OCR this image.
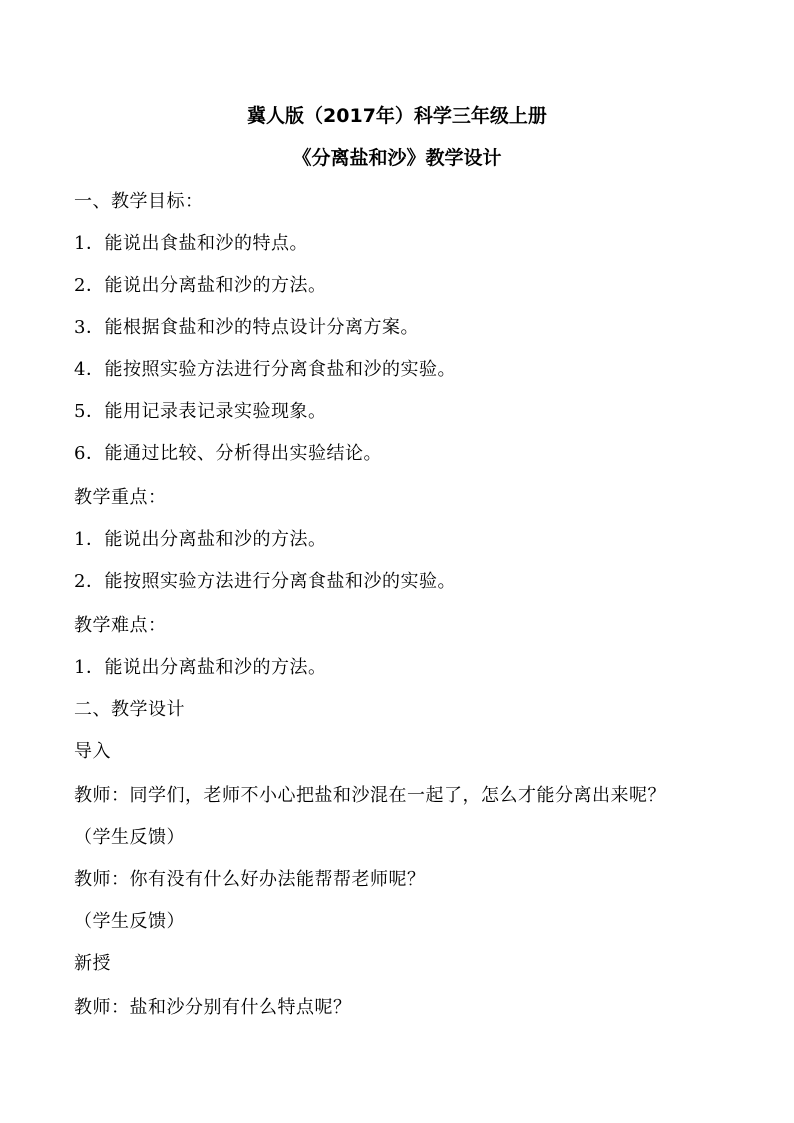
冀人版（2017年）科学三年级上册
《分离盐和沙》教学设计
一、教学目标：
1．能说出食盐和沙的特点。
2．能说出分离盐和沙的方法。
3．能根据食盐和沙的特点设计分离方案。
4．能按照实验方法进行分离食盐和沙的实验。
5．能用记录表记录实验现象。
6．能通过比较、分析得出实验结论。
教学重点：
1．能说出分离盐和沙的方法。
2．能按照实验方法进行分离食盐和沙的实验。
教学难点：
1．能说出分离盐和沙的方法。
二、教学设计
导入
教师：同学们，老师不小心把盐和沙混在一起了，怎么才能分离出来呢？
（学生反馈）
教师：你有没有什么好办法能帮帮老师呢？
（学生反馈）
新授
教师：盐和沙分别有什么特点呢？
